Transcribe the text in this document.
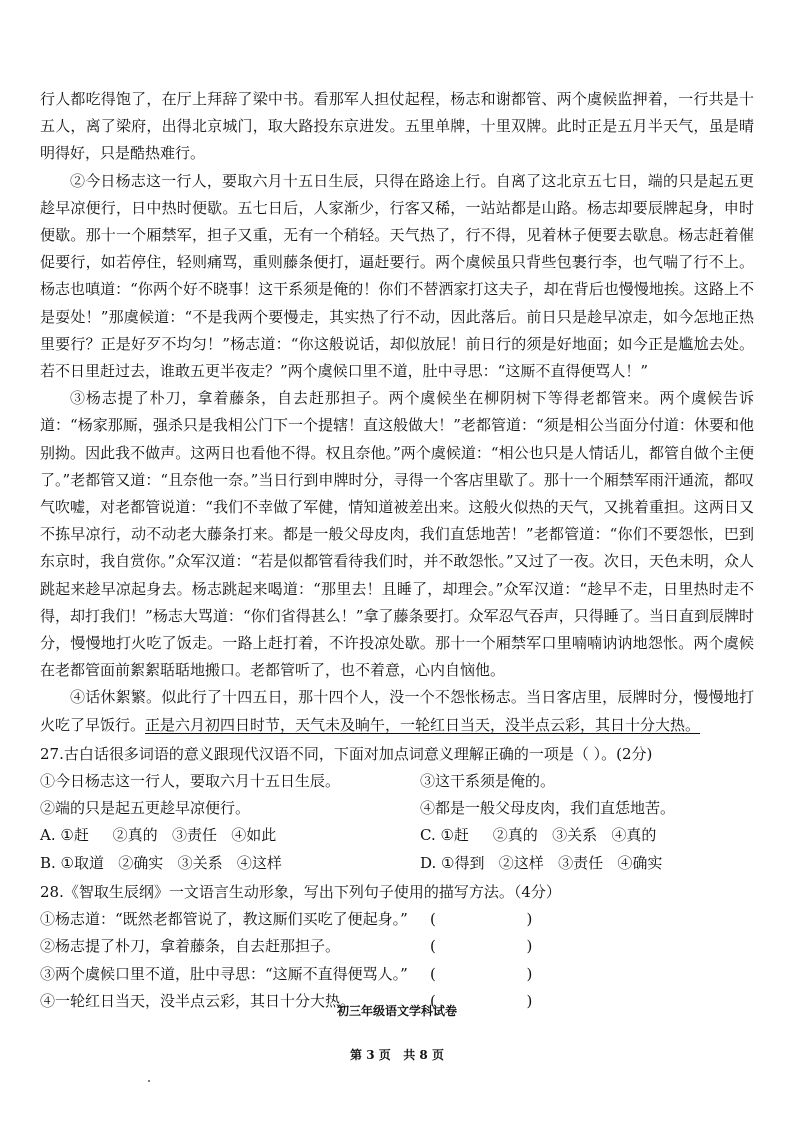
行人都吃得饱了，在厅上拜辞了梁中书。看那军人担仗起程，杨志和谢都管、两个虞候监押着，一行共是十五人，离了梁府，出得北京城门，取大路投东京进发。五里单牌，十里双牌。此时正是五月半天气，虽是晴明得好，只是酷热难行。

②今日杨志这一行人，要取六月十五日生辰，只得在路途上行。自离了这北京五七日，端的只是起五更趁早凉便行，日中热时便歇。五七日后，人家渐少，行客又稀，一站站都是山路。杨志却要辰牌起身，申时便歇。那十一个厢禁军，担子又重，无有一个稍轻。天气热了，行不得，见着林子便要去歇息。杨志赶着催促要行，如若停住，轻则痛骂，重则藤条便打，逼赶要行。两个虞候虽只背些包裹行李，也气喘了行不上。杨志也嗔道：“你两个好不晓事！这干系须是俺的！你们不替洒家打这夫子，却在背后也慢慢地挨。这路上不是耍处！”那虞候道：“不是我两个要慢走，其实热了行不动，因此落后。前日只是趁早凉走，如今怎地正热里要行？正是好歹不均匀！”杨志道：“你这般说话，却似放屁！前日行的须是好地面；如今正是尴尬去处。若不日里赶过去，谁敢五更半夜走？”两个虞候口里不道，肚中寻思：“这厮不直得便骂人！”

③杨志提了朴刀，拿着藤条，自去赶那担子。两个虞候坐在柳阴树下等得老都管来。两个虞候告诉道：“杨家那厮，强杀只是我相公门下一个提辖！直这般做大！”老都管道：“须是相公当面分付道：休要和他别拗。因此我不做声。这两日也看他不得。权且奈他。”两个虞候道：“相公也只是人情话儿，都管自做个主便了。”老都管又道：“且奈他一奈。”当日行到申牌时分，寻得一个客店里歇了。那十一个厢禁军雨汗通流，都叹气吹嘘，对老都管说道：“我们不幸做了军健，情知道被差出来。这般火似热的天气，又挑着重担。这两日又不拣早凉行，动不动老大藤条打来。都是一般父母皮肉，我们直恁地苦！”老都管道：“你们不要怨怅，巴到东京时，我自赏你。”众军汉道：“若是似都管看待我们时，并不敢怨怅。”又过了一夜。次日，天色未明，众人跳起来趁早凉起身去。杨志跳起来喝道：“那里去！且睡了，却理会。”众军汉道：“趁早不走，日里热时走不得，却打我们！”杨志大骂道：“你们省得甚么！”拿了藤条要打。众军忍气吞声，只得睡了。当日直到辰牌时分，慢慢地打火吃了饭走。一路上赶打着，不许投凉处歇。那十一个厢禁军口里喃喃讷讷地怨怅。两个虞候在老都管面前絮絮聒聒地搬口。老都管听了，也不着意，心内自恼他。

④话休絮繁。似此行了十四五日，那十四个人，没一个不怨怅杨志。当日客店里，辰牌时分，慢慢地打火吃了早饭行。正是六月初四日时节，天气未及晌午，一轮红日当天，没半点云彩，其日十分大热。

27.古白话很多词语的意义跟现代汉语不同，下面对加点词意义理解正确的一项是（ ）。(2分)

①今日杨志这一行人，要取六月十五日生辰。	③这干系须是俺的。
②端的只是起五更趁早凉便行。	④都是一般父母皮肉，我们直恁地苦。
A. ①赶     ②真的   ③责任   ④如此	C. ①赶     ②真的   ③关系   ④真的
B. ①取道   ②确实   ③关系   ④这样	D. ①得到   ②这样   ③责任   ④确实

28.《智取生辰纲》一文语言生动形象，写出下列句子使用的描写方法。（4分）

①杨志道：“既然老都管说了，教这厮们买吃了便起身。”	(                   )
②杨志提了朴刀，拿着藤条，自去赶那担子。	(                   )
③两个虞候口里不道，肚中寻思：“这厮不直得便骂人。”	(                   )
④一轮红日当天，没半点云彩，其日十分大热。	(                   )
初三年级语文学科试卷
第 3 页   共 8 页
